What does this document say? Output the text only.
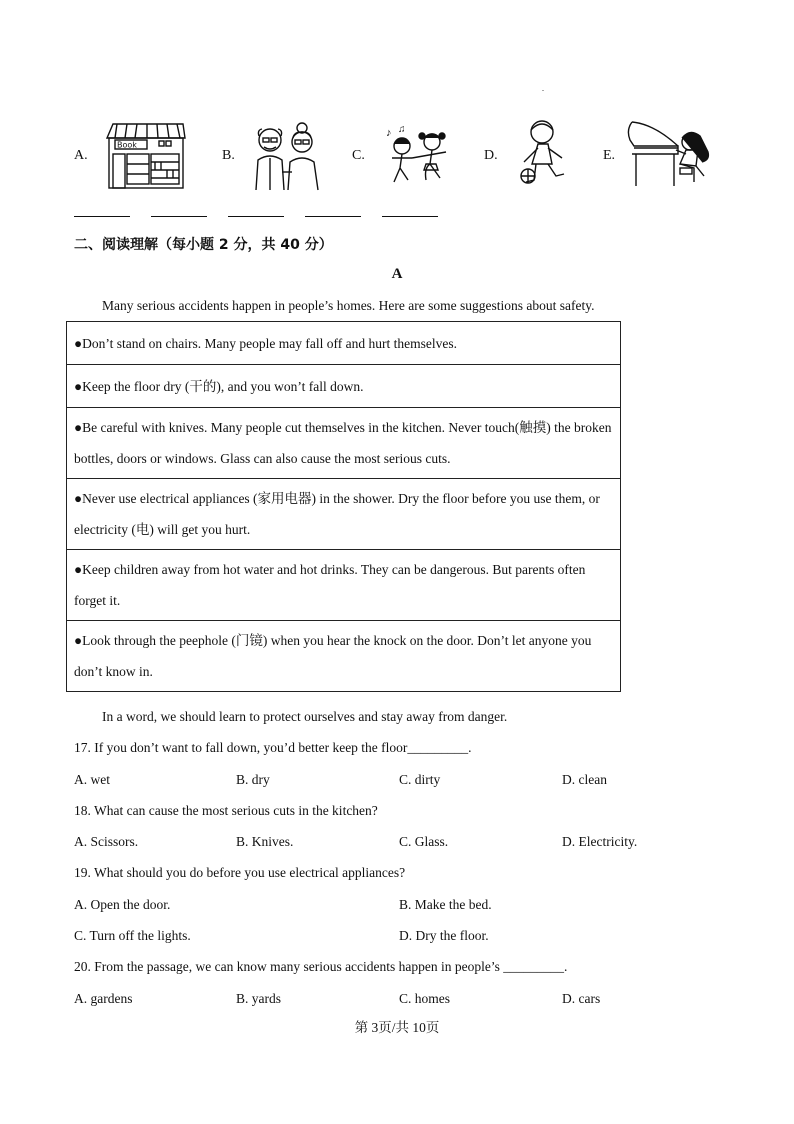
.
A.	B.	C.	D.	E.
Book
♪ ♫
二、阅读理解（每小题 2 分，共 40 分）
A
Many serious accidents happen in people’s homes. Here are some suggestions about safety.
●Don’t stand on chairs. Many people may fall off and hurt themselves.
●Keep the floor dry (干的), and you won’t fall down.
●Be careful with knives. Many people cut themselves in the kitchen. Never touch(触摸) the broken bottles, doors or windows. Glass can also cause the most serious cuts.
●Never use electrical appliances (家用电器) in the shower. Dry the floor before you use them, or electricity (电) will get you hurt.
●Keep children away from hot water and hot drinks. They can be dangerous. But parents often forget it.
●Look through the peephole (门镜) when you hear the knock on the door. Don’t let anyone you don’t know in.
In a word, we should learn to protect ourselves and stay away from danger.
17. If you don’t want to fall down, you’d better keep the floor_________.
A. wet	B. dry	C. dirty	D. clean
18. What can cause the most serious cuts in the kitchen?
A. Scissors.	B. Knives.	C. Glass.	D. Electricity.
19. What should you do before you use electrical appliances?
A. Open the door.	B. Make the bed.
C. Turn off the lights.	D. Dry the floor.
20. From the passage, we can know many serious accidents happen in people’s _________.
A. gardens	B. yards	C. homes	D. cars
第 3页/共 10页
